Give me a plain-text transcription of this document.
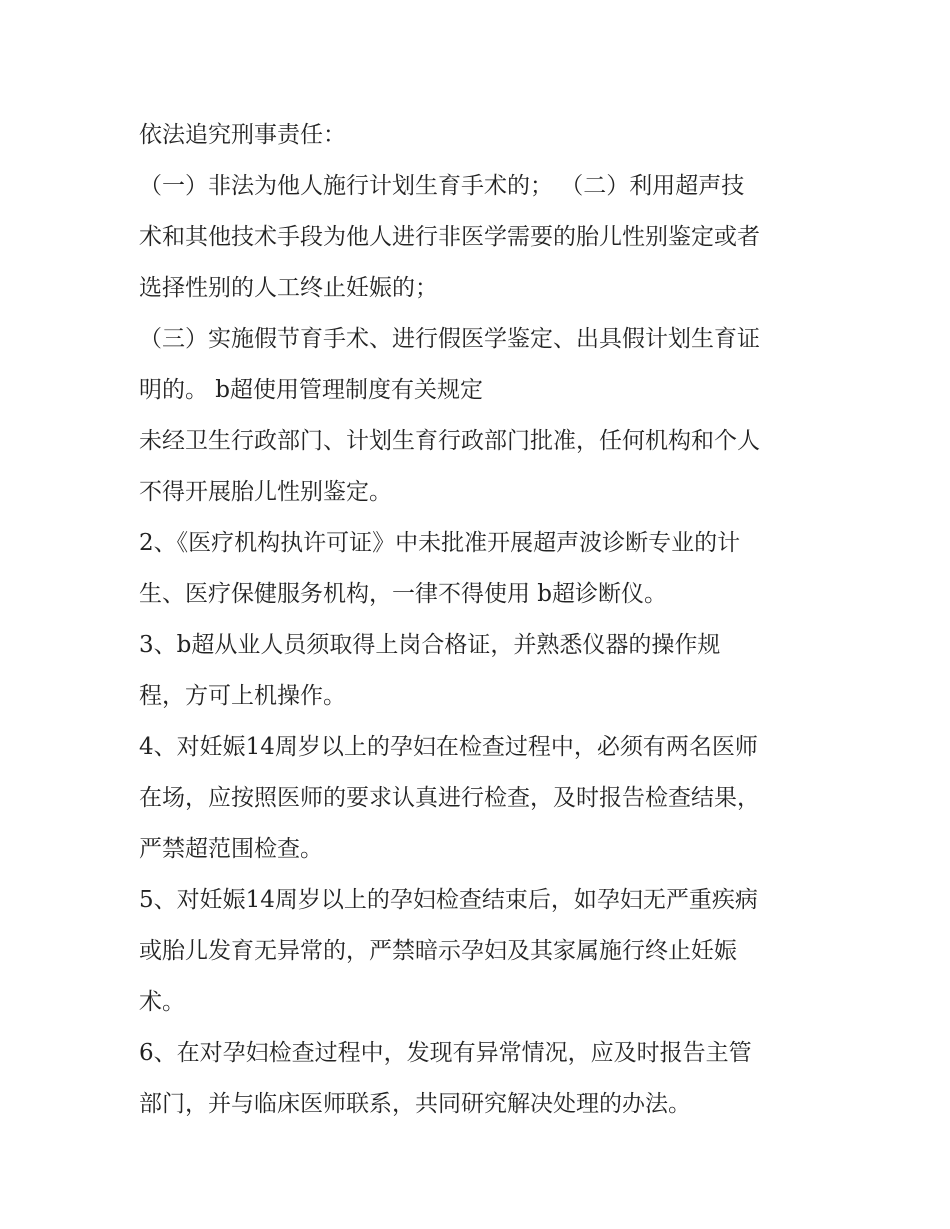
依法追究刑事责任：
（一）非法为他人施行计划生育手术的； （二）利用超声技
术和其他技术手段为他人进行非医学需要的胎儿性别鉴定或者
选择性别的人工终止妊娠的；
（三）实施假节育手术、进行假医学鉴定、出具假计划生育证
明的。 b超使用管理制度有关规定
未经卫生行政部门、计划生育行政部门批准，任何机构和个人
不得开展胎儿性别鉴定。
2、《医疗机构执许可证》中未批准开展超声波诊断专业的计
生、医疗保健服务机构，一律不得使用 b超诊断仪。
3、b超从业人员须取得上岗合格证，并熟悉仪器的操作规
程，方可上机操作。
4、对妊娠14周岁以上的孕妇在检查过程中，必须有两名医师
在场，应按照医师的要求认真进行检查，及时报告检查结果，
严禁超范围检查。
5、对妊娠14周岁以上的孕妇检查结束后，如孕妇无严重疾病
或胎儿发育无异常的，严禁暗示孕妇及其家属施行终止妊娠
术。
6、在对孕妇检查过程中，发现有异常情况，应及时报告主管
部门，并与临床医师联系，共同研究解决处理的办法。
